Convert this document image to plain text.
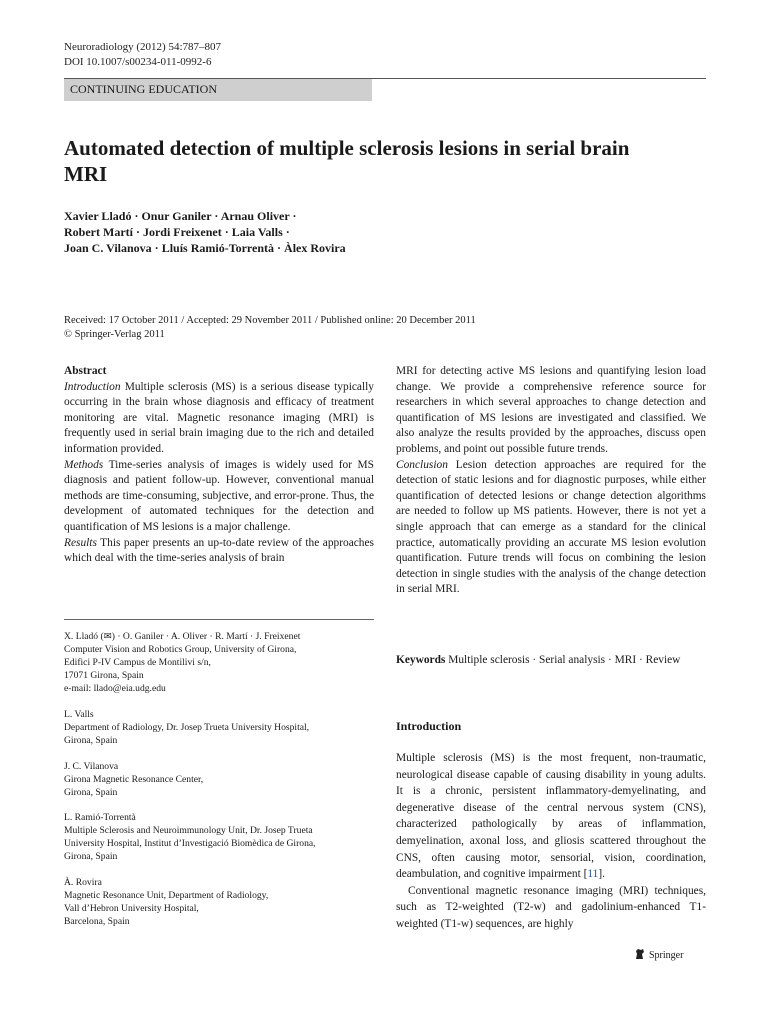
Neuroradiology (2012) 54:787–807
DOI 10.1007/s00234-011-0992-6
CONTINUING EDUCATION
Automated detection of multiple sclerosis lesions in serial brain MRI
Xavier Lladó · Onur Ganiler · Arnau Oliver ·
Robert Martí · Jordi Freixenet · Laia Valls ·
Joan C. Vilanova · Lluís Ramió-Torrentà · Àlex Rovira
Received: 17 October 2011 / Accepted: 29 November 2011 / Published online: 20 December 2011
© Springer-Verlag 2011

Abstract

Introduction Multiple sclerosis (MS) is a serious disease typically occurring in the brain whose diagnosis and efficacy of treatment monitoring are vital. Magnetic resonance imaging (MRI) is frequently used in serial brain imaging due to the rich and detailed information provided.

Methods Time-series analysis of images is widely used for MS diagnosis and patient follow-up. However, conventional manual methods are time-consuming, subjective, and error-prone. Thus, the development of automated techniques for the detection and quantification of MS lesions is a major challenge.

Results This paper presents an up-to-date review of the approaches which deal with the time-series analysis of brain

X. Lladó (✉) · O. Ganiler · A. Oliver · R. Martí · J. Freixenet
Computer Vision and Robotics Group, University of Girona,
Edifici P-IV Campus de Montilivi s/n,
17071 Girona, Spain
e-mail: llado@eia.udg.edu
L. Valls
Department of Radiology, Dr. Josep Trueta University Hospital,
Girona, Spain
J. C. Vilanova
Girona Magnetic Resonance Center,
Girona, Spain
L. Ramió-Torrentà
Multiple Sclerosis and Neuroimmunology Unit, Dr. Josep Trueta
University Hospital, Institut d’Investigació Biomèdica de Girona,
Girona, Spain
À. Rovira
Magnetic Resonance Unit, Department of Radiology,
Vall d’Hebron University Hospital,
Barcelona, Spain

MRI for detecting active MS lesions and quantifying lesion load change. We provide a comprehensive reference source for researchers in which several approaches to change detection and quantification of MS lesions are investigated and classified. We also analyze the results provided by the approaches, discuss open problems, and point out possible future trends.

Conclusion Lesion detection approaches are required for the detection of static lesions and for diagnostic purposes, while either quantification of detected lesions or change detection algorithms are needed to follow up MS patients. However, there is not yet a single approach that can emerge as a standard for the clinical practice, automatically providing an accurate MS lesion evolution quantification. Future trends will focus on combining the lesion detection in single studies with the analysis of the change detection in serial MRI.

Keywords Multiple sclerosis · Serial analysis · MRI · Review
Introduction

Multiple sclerosis (MS) is the most frequent, non-traumatic, neurological disease capable of causing disability in young adults. It is a chronic, persistent inflammatory-demyelinating, and degenerative disease of the central nervous system (CNS), characterized pathologically by areas of inflammation, demyelination, axonal loss, and gliosis scattered throughout the CNS, often causing motor, sensorial, vision, coordination, deambulation, and cognitive impairment [11].

Conventional magnetic resonance imaging (MRI) techniques, such as T2-weighted (T2-w) and gadolinium-enhanced T1-weighted (T1-w) sequences, are highly

Springer
